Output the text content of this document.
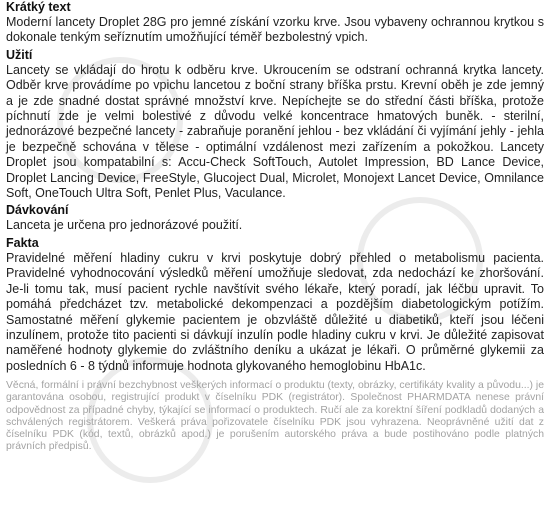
Krátký text

Moderní lancety Droplet 28G pro jemné získání vzorku krve. Jsou vybaveny ochrannou krytkou s dokonale tenkým seříznutím umožňující téměř bezbolestný vpich.

Užití

Lancety se vkládají do hrotu k odběru krve. Ukroucením se odstraní ochranná krytka lancety. Odběr krve provádíme po vpichu lancetou z boční strany bříška prstu. Krevní oběh je zde jemný a je zde snadné dostat správné množství krve. Nepíchejte se do střední části bříška, protože píchnutí zde je velmi bolestivé z důvodu velké koncentrace hmatových buněk. - sterilní, jednorázové bezpečné lancety - zabraňuje poranění jehlou - bez vkládání či vyjímání jehly - jehla je bezpečně schována v tělese - optimální vzdálenost mezi zařízením a pokožkou. Lancety Droplet jsou kompatabilní s: Accu-Check SoftTouch, Autolet Impression, BD Lance Device, Droplet Lancing Device, FreeStyle, Glucoject Dual, Microlet, Monojext Lancet Device, Omnilance Soft, OneTouch Ultra Soft, Penlet Plus, Vaculance.

Dávkování

Lanceta je určena pro jednorázové použití.

Fakta

Pravidelné měření hladiny cukru v krvi poskytuje dobrý přehled o metabolismu pacienta. Pravidelné vyhodnocování výsledků měření umožňuje sledovat, zda nedochází ke zhoršování. Je-li tomu tak, musí pacient rychle navštívit svého lékaře, který poradí, jak léčbu upravit. To pomáhá předcházet tzv. metabolické dekompenzaci a pozdějším diabetologickým potížím. Samostatné měření glykemie pacientem je obzvláště důležité u diabetiků, kteří jsou léčeni inzulínem, protože tito pacienti si dávkují inzulín podle hladiny cukru v krvi. Je důležité zapisovat naměřené hodnoty glykemie do zvláštního deníku a ukázat je lékaři. O průměrné glykemii za posledních 6 - 8 týdnů informuje hodnota glykovaného hemoglobinu HbA1c.

Věcná, formální i právní bezchybnost veškerých informací o produktu (texty, obrázky, certifikáty kvality a původu...) je garantována osobou, registrující produkt v číselníku PDK (registrátor). Společnost PHARMDATA nenese právní odpovědnost za případné chyby, týkající se informací o produktech. Ručí ale za korektní šíření podkladů dodaných a schválených registrátorem. Veškerá práva pořizovatele číselníku PDK jsou vyhrazena. Neoprávněné užití dat z číselníku PDK (kód, textů, obrázků apod.) je porušením autorského práva a bude postihováno podle platných právních předpisů.
